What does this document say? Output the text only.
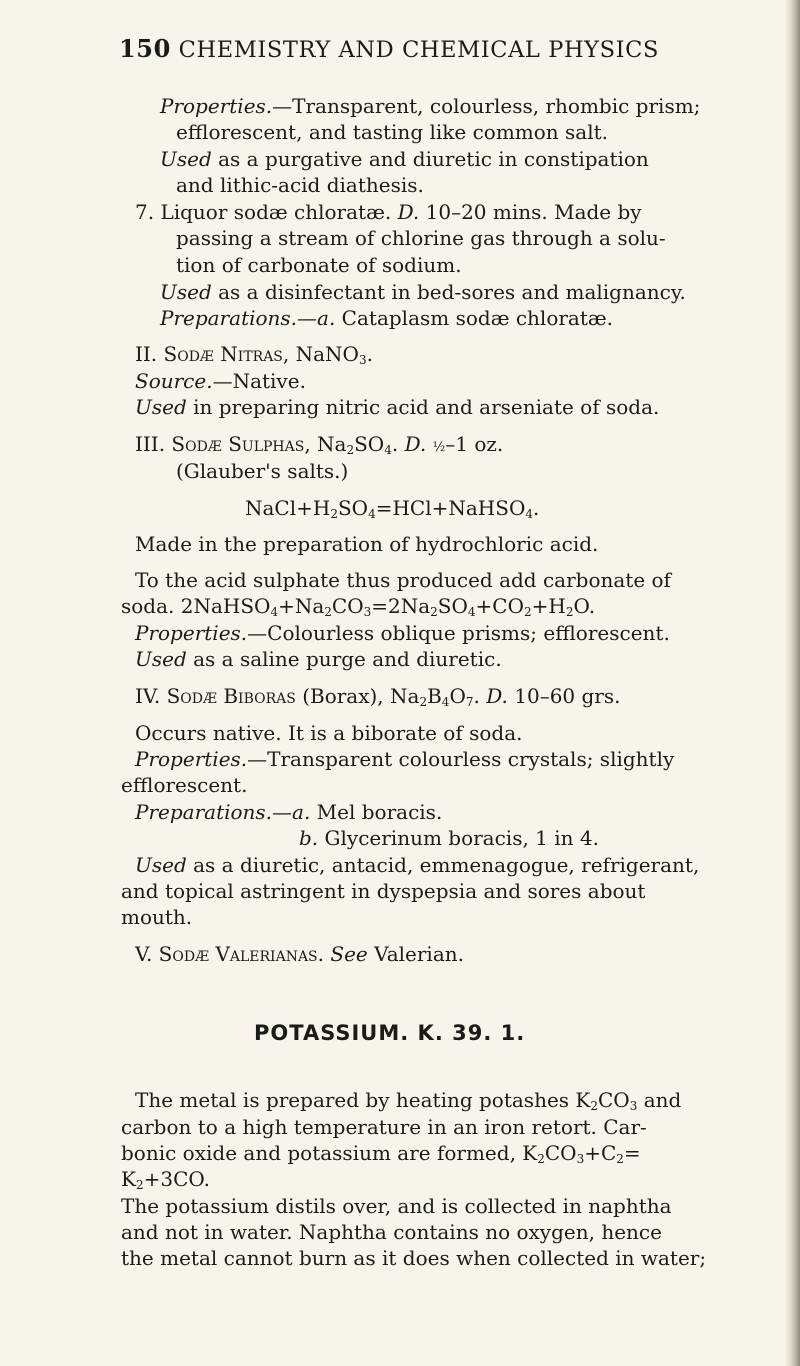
150 CHEMISTRY AND CHEMICAL PHYSICS
Properties.—Transparent, colourless, rhombic prism;
efflorescent, and tasting like common salt.
Used as a purgative and diuretic in constipation
and lithic-acid diathesis.
7. Liquor sodæ chloratæ. D. 10–20 mins. Made by
passing a stream of chlorine gas through a solu-
tion of carbonate of sodium.
Used as a disinfectant in bed-sores and malignancy.
Preparations.—a. Cataplasm sodæ chloratæ.
II. Sodæ Nitras, NaNO$_3$.
Source.—Native.
Used in preparing nitric acid and arseniate of soda.
III. Sodæ Sulphas, $Na_2SO_4$. D. ½–1 oz.
(Glauber's salts.)
$NaCl+H_2SO_4=HCl+NaHSO_4$.
Made in the preparation of hydrochloric acid.
To the acid sulphate thus produced add carbonate of
soda. $2NaHSO_4+Na_2CO_3=2Na_2SO_4+CO_2+H_2O$.
Properties.—Colourless oblique prisms; efflorescent.
Used as a saline purge and diuretic.
IV. Sodæ Biboras (Borax), $Na_2B_4O_7$. D. 10–60 grs.
Occurs native. It is a biborate of soda.
Properties.—Transparent colourless crystals; slightly
efflorescent.
Preparations.—a. Mel boracis.
b. Glycerinum boracis, 1 in 4.
Used as a diuretic, antacid, emmenagogue, refrigerant,
and topical astringent in dyspepsia and sores about
mouth.
V. Sodæ Valerianas. See Valerian.
POTASSIUM. K. 39. 1.
The metal is prepared by heating potashes $K_2CO_3$ and
carbon to a high temperature in an iron retort. Car-
bonic oxide and potassium are formed, $K_2CO_3+C_2=$
$K_2+3CO$.
The potassium distils over, and is collected in naphtha
and not in water. Naphtha contains no oxygen, hence
the metal cannot burn as it does when collected in water;
